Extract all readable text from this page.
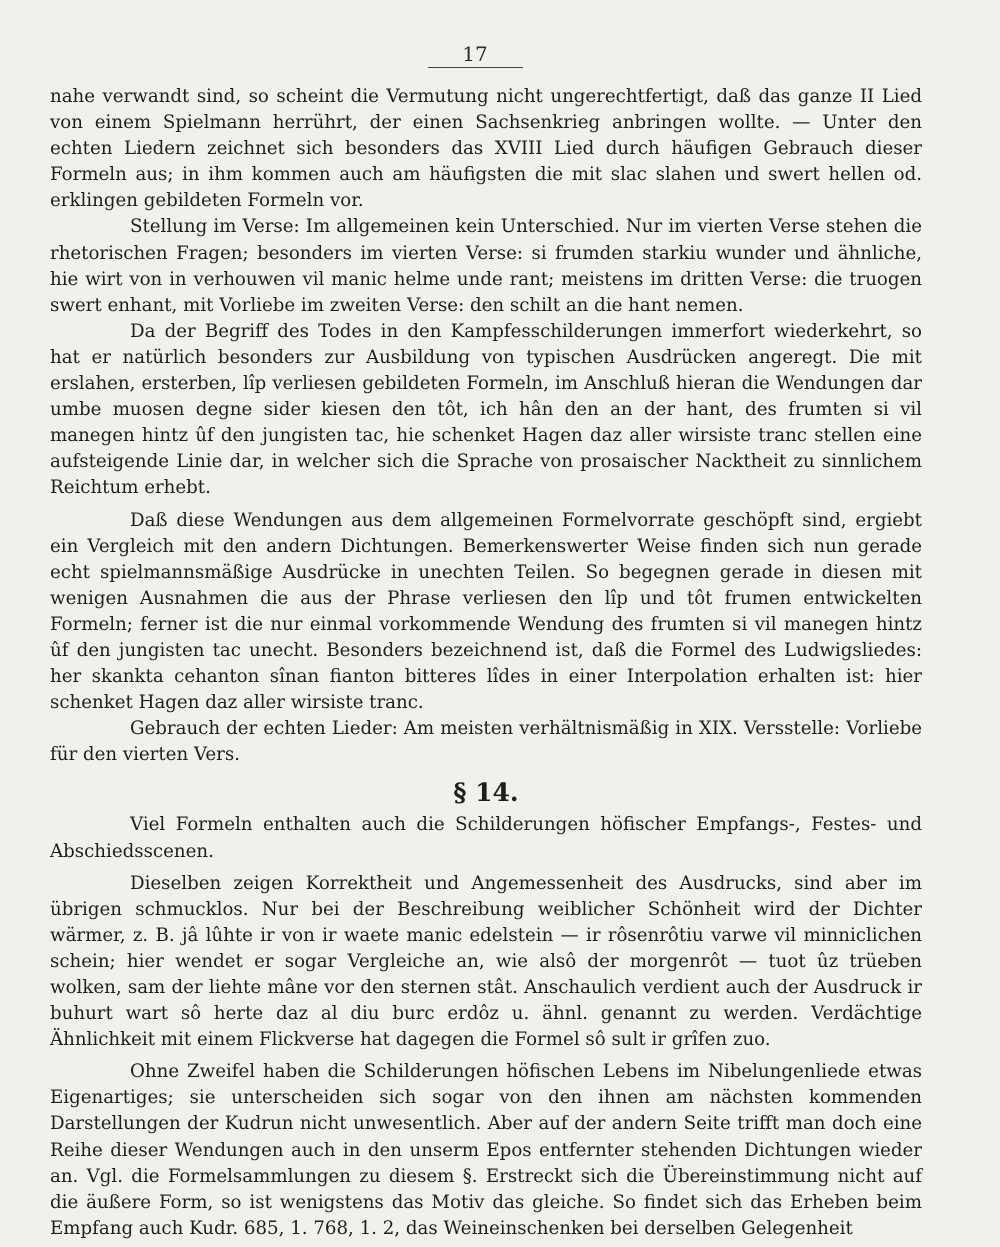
17

nahe verwandt sind, so scheint die Vermutung nicht ungerechtfertigt, daß das ganze II Lied von einem Spielmann herrührt, der einen Sachsenkrieg anbringen wollte. — Unter den echten Liedern zeichnet sich besonders das XVIII Lied durch häufigen Gebrauch dieser Formeln aus; in ihm kommen auch am häufigsten die mit slac slahen und swert hellen od. erklingen gebildeten Formeln vor.

Stellung im Verse: Im allgemeinen kein Unterschied. Nur im vierten Verse stehen die rhetorischen Fragen; besonders im vierten Verse: si frumden starkiu wunder und ähnliche, hie wirt von in verhouwen vil manic helme unde rant; meistens im dritten Verse: die truogen swert enhant, mit Vorliebe im zweiten Verse: den schilt an die hant nemen.

Da der Begriff des Todes in den Kampfesschilderungen immerfort wiederkehrt, so hat er natürlich besonders zur Ausbildung von typischen Ausdrücken angeregt. Die mit erslahen, ersterben, lîp verliesen gebildeten Formeln, im Anschluß hieran die Wendungen dar umbe muosen degne sider kiesen den tôt, ich hân den an der hant, des frumten si vil manegen hintz ûf den jungisten tac, hie schenket Hagen daz aller wirsiste tranc stellen eine aufsteigende Linie dar, in welcher sich die Sprache von prosaischer Nacktheit zu sinnlichem Reichtum erhebt.

Daß diese Wendungen aus dem allgemeinen Formelvorrate geschöpft sind, ergiebt ein Vergleich mit den andern Dichtungen. Bemerkenswerter Weise finden sich nun gerade echt spielmannsmäßige Ausdrücke in unechten Teilen. So begegnen gerade in diesen mit wenigen Ausnahmen die aus der Phrase verliesen den lîp und tôt frumen entwickelten Formeln; ferner ist die nur einmal vorkommende Wendung des frumten si vil manegen hintz ûf den jungisten tac unecht. Besonders bezeichnend ist, daß die Formel des Ludwigsliedes: her skankta cehanton sînan fianton bitteres lîdes in einer Interpolation erhalten ist: hier schenket Hagen daz aller wirsiste tranc.

Gebrauch der echten Lieder: Am meisten verhältnismäßig in XIX. Versstelle: Vorliebe für den vierten Vers.

§ 14.

Viel Formeln enthalten auch die Schilderungen höfischer Empfangs-, Festes- und Abschiedsscenen.

Dieselben zeigen Korrektheit und Angemessenheit des Ausdrucks, sind aber im übrigen schmucklos. Nur bei der Beschreibung weiblicher Schönheit wird der Dichter wärmer, z. B. jâ lûhte ir von ir waete manic edelstein — ir rôsenrôtiu varwe vil minniclichen schein; hier wendet er sogar Vergleiche an, wie alsô der morgenrôt — tuot ûz trüeben wolken, sam der liehte mâne vor den sternen stât. Anschaulich verdient auch der Ausdruck ir buhurt wart sô herte daz al diu burc erdôz u. ähnl. genannt zu werden. Verdächtige Ähnlichkeit mit einem Flickverse hat dagegen die Formel sô sult ir grîfen zuo.

Ohne Zweifel haben die Schilderungen höfischen Lebens im Nibelungenliede etwas Eigenartiges; sie unterscheiden sich sogar von den ihnen am nächsten kommenden Darstellungen der Kudrun nicht unwesentlich. Aber auf der andern Seite trifft man doch eine Reihe dieser Wendungen auch in den unserm Epos entfernter stehenden Dichtungen wieder an. Vgl. die Formelsammlungen zu diesem §. Erstreckt sich die Übereinstimmung nicht auf die äußere Form, so ist wenigstens das Motiv das gleiche. So findet sich das Erheben beim Empfang auch Kudr. 685, 1. 768, 1. 2, das Weineinschenken bei derselben Gelegenheit
